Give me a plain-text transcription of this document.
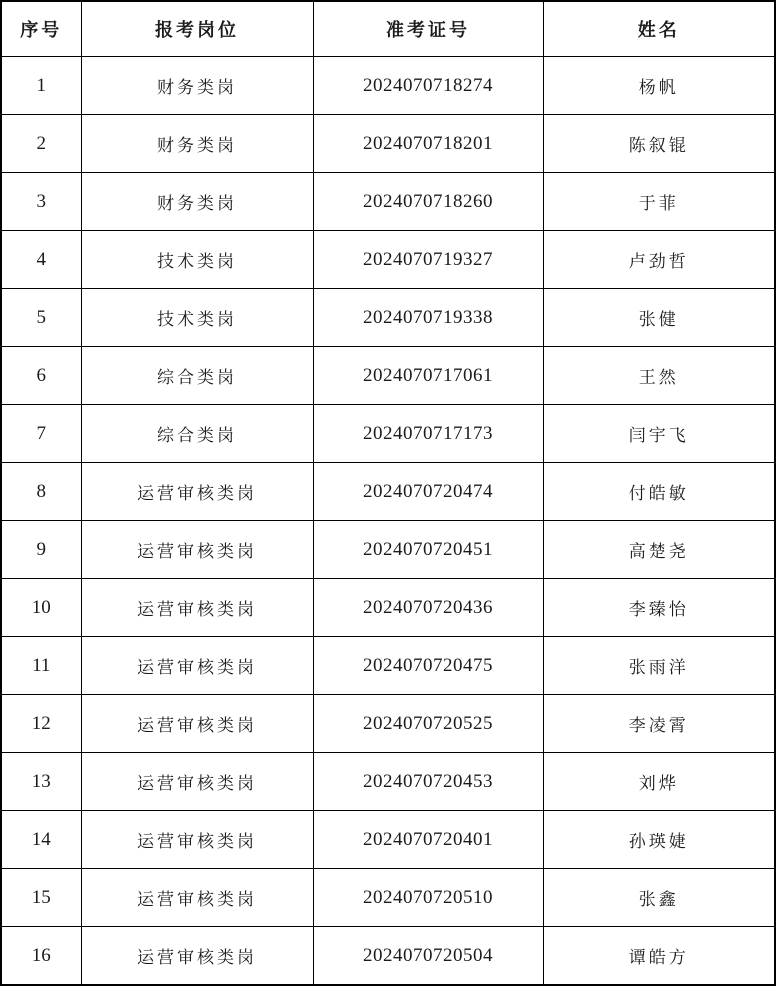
序号	报考岗位	准考证号	姓名
1	财务类岗	2024070718274	杨帆
2	财务类岗	2024070718201	陈叙锟
3	财务类岗	2024070718260	于菲
4	技术类岗	2024070719327	卢劲哲
5	技术类岗	2024070719338	张健
6	综合类岗	2024070717061	王然
7	综合类岗	2024070717173	闫宇飞
8	运营审核类岗	2024070720474	付皓敏
9	运营审核类岗	2024070720451	高楚尧
10	运营审核类岗	2024070720436	李臻怡
11	运营审核类岗	2024070720475	张雨洋
12	运营审核类岗	2024070720525	李凌霄
13	运营审核类岗	2024070720453	刘烨
14	运营审核类岗	2024070720401	孙瑛婕
15	运营审核类岗	2024070720510	张鑫
16	运营审核类岗	2024070720504	谭皓方
